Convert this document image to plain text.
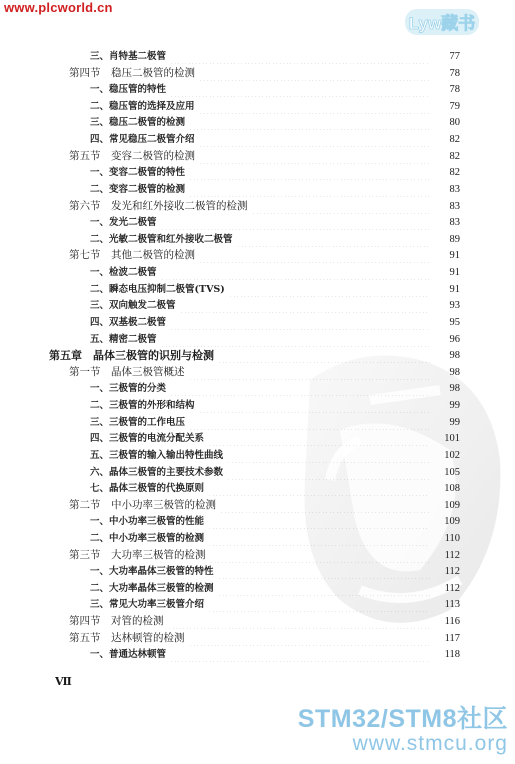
www.plcworld.cn
Lyw藏书
三、肖特基二极管	77
第四节　稳压二极管的检测	78
一、稳压管的特性	78
二、稳压管的选择及应用	79
三、稳压二极管的检测	80
四、常见稳压二极管介绍	82
第五节　变容二极管的检测	82
一、变容二极管的特性	82
二、变容二极管的检测	83
第六节　发光和红外接收二极管的检测	83
一、发光二极管	83
二、光敏二极管和红外接收二极管	89
第七节　其他二极管的检测	91
一、检波二极管	91
二、瞬态电压抑制二极管(TVS)	91
三、双向触发二极管	93
四、双基极二极管	95
五、精密二极管	96
第五章　晶体三极管的识别与检测	98
第一节　晶体三极管概述	98
一、三极管的分类	98
二、三极管的外形和结构	99
三、三极管的工作电压	99
四、三极管的电流分配关系	101
五、三极管的输入输出特性曲线	102
六、晶体三极管的主要技术参数	105
七、晶体三极管的代换原则	108
第二节　中小功率三极管的检测	109
一、中小功率三极管的性能	109
二、中小功率三极管的检测	110
第三节　大功率三极管的检测	112
一、大功率晶体三极管的特性	112
二、大功率晶体三极管的检测	112
三、常见大功率三极管介绍	113
第四节　对管的检测	116
第五节　达林顿管的检测	117
一、普通达林顿管	118
Ⅶ
STM32/STM8社区
www.stmcu.org
